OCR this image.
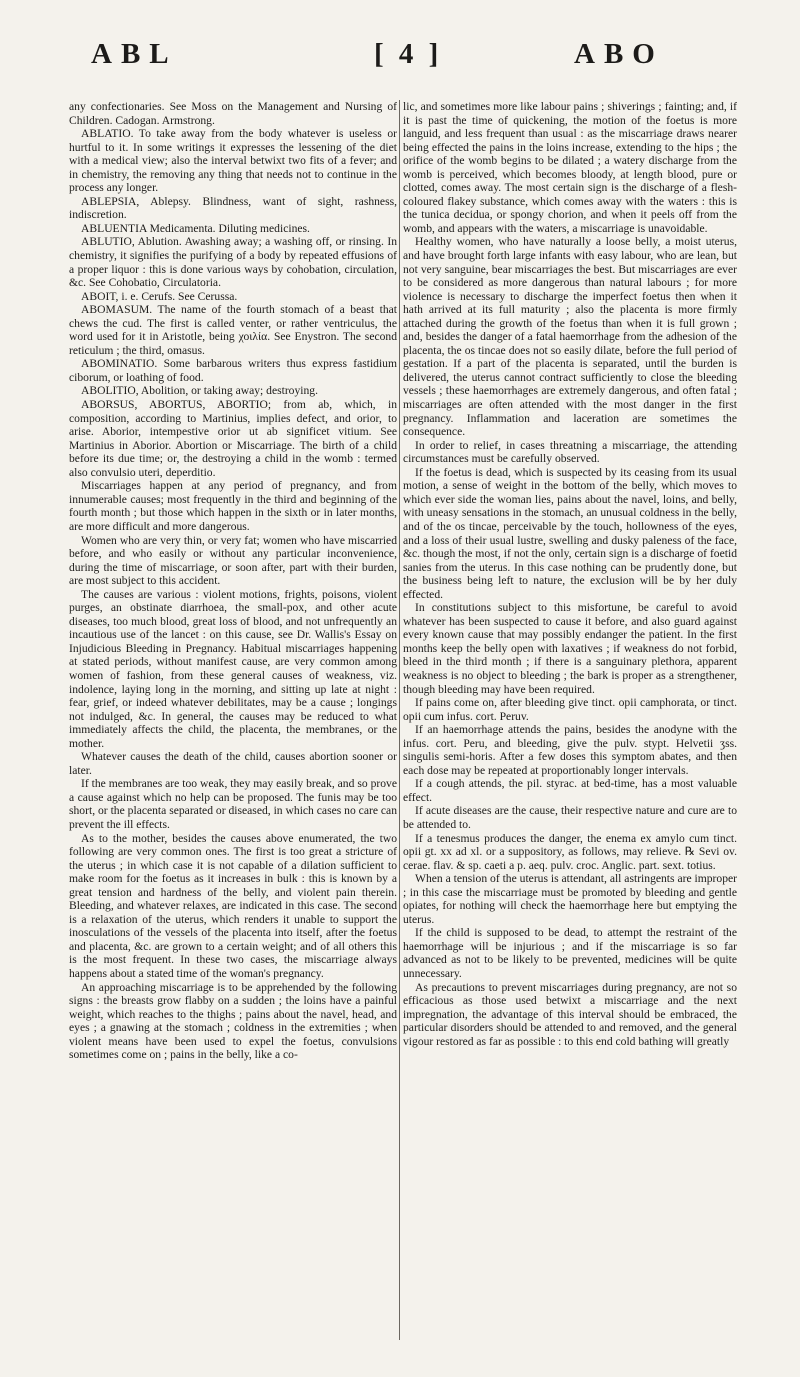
ABL	[ 4 ]	ABO

any confectionaries. See Moss on the Management and Nursing of Children. Cadogan. Armstrong.

ABLATIO. To take away from the body whatever is useless or hurtful to it. In some writings it expresses the lessening of the diet with a medical view; also the interval betwixt two fits of a fever; and in chemistry, the removing any thing that needs not to continue in the process any longer.

ABLEPSIA, Ablepsy. Blindness, want of sight, rashness, indiscretion.

ABLUENTIA Medicamenta. Diluting medicines.

ABLUTIO, Ablution. Awashing away; a washing off, or rinsing. In chemistry, it signifies the purifying of a body by repeated effusions of a proper liquor : this is done various ways by cohobation, circulation, &c. See Cohobatio, Circulatoria.

ABOIT, i. e. Cerufs. See Cerussa.

ABOMASUM. The name of the fourth stomach of a beast that chews the cud. The first is called venter, or rather ventriculus, the word used for it in Aristotle, being χοιλία. See Enystron. The second reticulum ; the third, omasus.

ABOMINATIO. Some barbarous writers thus express fastidium ciborum, or loathing of food.

ABOLITIO, Abolition, or taking away; destroying.

ABORSUS, ABORTUS, ABORTIO; from ab, which, in composition, according to Martinius, implies defect, and orior, to arise. Aborior, intempestive orior ut ab significet vitium. See Martinius in Aborior. Abortion or Miscarriage. The birth of a child before its due time; or, the destroying a child in the womb : termed also convulsio uteri, deperditio.

Miscarriages happen at any period of pregnancy, and from innumerable causes; most frequently in the third and beginning of the fourth month ; but those which happen in the sixth or in later months, are more difficult and more dangerous.

Women who are very thin, or very fat; women who have miscarried before, and who easily or without any particular inconvenience, during the time of miscarriage, or soon after, part with their burden, are most subject to this accident.

The causes are various : violent motions, frights, poisons, violent purges, an obstinate diarrhoea, the small-pox, and other acute diseases, too much blood, great loss of blood, and not unfrequently an incautious use of the lancet : on this cause, see Dr. Wallis's Essay on Injudicious Bleeding in Pregnancy. Habitual miscarriages happening at stated periods, without manifest cause, are very common among women of fashion, from these general causes of weakness, viz. indolence, laying long in the morning, and sitting up late at night : fear, grief, or indeed whatever debilitates, may be a cause ; longings not indulged, &c. In general, the causes may be reduced to what immediately affects the child, the placenta, the membranes, or the mother.

Whatever causes the death of the child, causes abortion sooner or later.

If the membranes are too weak, they may easily break, and so prove a cause against which no help can be proposed. The funis may be too short, or the placenta separated or diseased, in which cases no care can prevent the ill effects.

As to the mother, besides the causes above enumerated, the two following are very common ones. The first is too great a stricture of the uterus ; in which case it is not capable of a dilation sufficient to make room for the foetus as it increases in bulk : this is known by a great tension and hardness of the belly, and violent pain therein. Bleeding, and whatever relaxes, are indicated in this case. The second is a relaxation of the uterus, which renders it unable to support the inosculations of the vessels of the placenta into itself, after the foetus and placenta, &c. are grown to a certain weight; and of all others this is the most frequent. In these two cases, the miscarriage always happens about a stated time of the woman's pregnancy.

An approaching miscarriage is to be apprehended by the following signs : the breasts grow flabby on a sudden ; the loins have a painful weight, which reaches to the thighs ; pains about the navel, head, and eyes ; a gnawing at the stomach ; coldness in the extremities ; when violent means have been used to expel the foetus, convulsions sometimes come on ; pains in the belly, like a co-

lic, and sometimes more like labour pains ; shiverings ; fainting; and, if it is past the time of quickening, the motion of the foetus is more languid, and less frequent than usual : as the miscarriage draws nearer being effected the pains in the loins increase, extending to the hips ; the orifice of the womb begins to be dilated ; a watery discharge from the womb is perceived, which becomes bloody, at length blood, pure or clotted, comes away. The most certain sign is the discharge of a flesh-coloured flakey substance, which comes away with the waters : this is the tunica decidua, or spongy chorion, and when it peels off from the womb, and appears with the waters, a miscarriage is unavoidable.

Healthy women, who have naturally a loose belly, a moist uterus, and have brought forth large infants with easy labour, who are lean, but not very sanguine, bear miscarriages the best. But miscarriages are ever to be considered as more dangerous than natural labours ; for more violence is necessary to discharge the imperfect foetus then when it hath arrived at its full maturity ; also the placenta is more firmly attached during the growth of the foetus than when it is full grown ; and, besides the danger of a fatal haemorrhage from the adhesion of the placenta, the os tincae does not so easily dilate, before the full period of gestation. If a part of the placenta is separated, until the burden is delivered, the uterus cannot contract sufficiently to close the bleeding vessels ; these haemorrhages are extremely dangerous, and often fatal ; miscarriages are often attended with the most danger in the first pregnancy. Inflammation and laceration are sometimes the consequence.

In order to relief, in cases threatning a miscarriage, the attending circumstances must be carefully observed.

If the foetus is dead, which is suspected by its ceasing from its usual motion, a sense of weight in the bottom of the belly, which moves to which ever side the woman lies, pains about the navel, loins, and belly, with uneasy sensations in the stomach, an unusual coldness in the belly, and of the os tincae, perceivable by the touch, hollowness of the eyes, and a loss of their usual lustre, swelling and dusky paleness of the face, &c. though the most, if not the only, certain sign is a discharge of foetid sanies from the uterus. In this case nothing can be prudently done, but the business being left to nature, the exclusion will be by her duly effected.

In constitutions subject to this misfortune, be careful to avoid whatever has been suspected to cause it before, and also guard against every known cause that may possibly endanger the patient. In the first months keep the belly open with laxatives ; if weakness do not forbid, bleed in the third month ; if there is a sanguinary plethora, apparent weakness is no object to bleeding ; the bark is proper as a strengthener, though bleeding may have been required.

If pains come on, after bleeding give tinct. opii camphorata, or tinct. opii cum infus. cort. Peruv.

If an haemorrhage attends the pains, besides the anodyne with the infus. cort. Peru, and bleeding, give the pulv. stypt. Helvetii ʒss. singulis semi-horis. After a few doses this symptom abates, and then each dose may be repeated at proportionably longer intervals.

If a cough attends, the pil. styrac. at bed-time, has a most valuable effect.

If acute diseases are the cause, their respective nature and cure are to be attended to.

If a tenesmus produces the danger, the enema ex amylo cum tinct. opii gt. xx ad xl. or a suppository, as follows, may relieve. ℞ Sevi ov. cerae. flav. & sp. caeti a p. aeq. pulv. croc. Anglic. part. sext. totius.

When a tension of the uterus is attendant, all astringents are improper ; in this case the miscarriage must be promoted by bleeding and gentle opiates, for nothing will check the haemorrhage here but emptying the uterus.

If the child is supposed to be dead, to attempt the restraint of the haemorrhage will be injurious ; and if the miscarriage is so far advanced as not to be likely to be prevented, medicines will be quite unnecessary.

As precautions to prevent miscarriages during pregnancy, are not so efficacious as those used betwixt a miscarriage and the next impregnation, the advantage of this interval should be embraced, the particular disorders should be attended to and removed, and the general vigour restored as far as possible : to this end cold bathing will greatly
